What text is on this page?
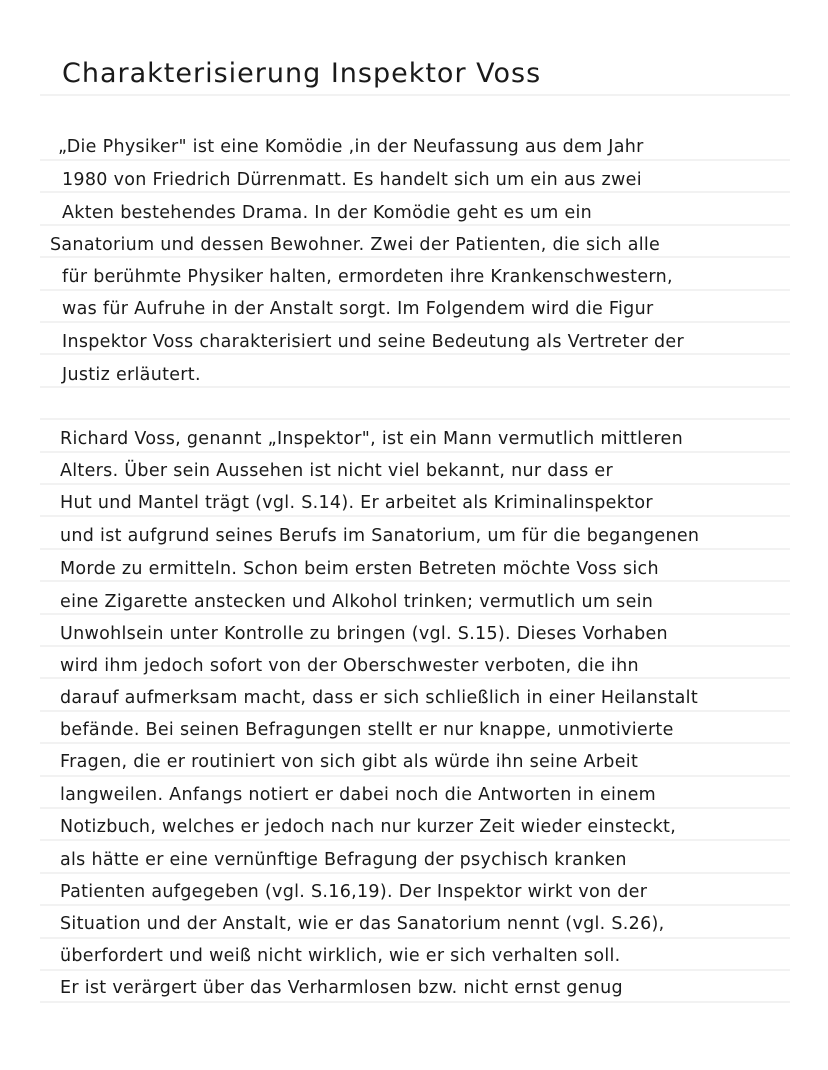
Charakterisierung Inspektor Voss
„Die Physiker" ist eine Komödie ,in der Neufassung aus dem Jahr
1980 von Friedrich Dürrenmatt. Es handelt sich um ein aus zwei
Akten bestehendes Drama. In der Komödie geht es um ein
Sanatorium und dessen Bewohner. Zwei der Patienten, die sich alle
für berühmte Physiker halten, ermordeten ihre Krankenschwestern,
was für Aufruhe in der Anstalt sorgt. Im Folgendem wird die Figur
Inspektor Voss charakterisiert und seine Bedeutung als Vertreter der
Justiz erläutert.
Richard Voss, genannt „Inspektor", ist ein Mann vermutlich mittleren
Alters. Über sein Aussehen ist nicht viel bekannt, nur dass er
Hut und Mantel trägt (vgl. S.14). Er arbeitet als Kriminalinspektor
und ist aufgrund seines Berufs im Sanatorium, um für die begangenen
Morde zu ermitteln. Schon beim ersten Betreten möchte Voss sich
eine Zigarette anstecken und Alkohol trinken; vermutlich um sein
Unwohlsein unter Kontrolle zu bringen (vgl. S.15). Dieses Vorhaben
wird ihm jedoch sofort von der Oberschwester verboten, die ihn
darauf aufmerksam macht, dass er sich schließlich in einer Heilanstalt
befände. Bei seinen Befragungen stellt er nur knappe, unmotivierte
Fragen, die er routiniert von sich gibt als würde ihn seine Arbeit
langweilen. Anfangs notiert er dabei noch die Antworten in einem
Notizbuch, welches er jedoch nach nur kurzer Zeit wieder einsteckt,
als hätte er eine vernünftige Befragung der psychisch kranken
Patienten aufgegeben (vgl. S.16,19). Der Inspektor wirkt von der
Situation und der Anstalt, wie er das Sanatorium nennt (vgl. S.26),
überfordert und weiß nicht wirklich, wie er sich verhalten soll.
Er ist verärgert über das Verharmlosen bzw. nicht ernst genug
